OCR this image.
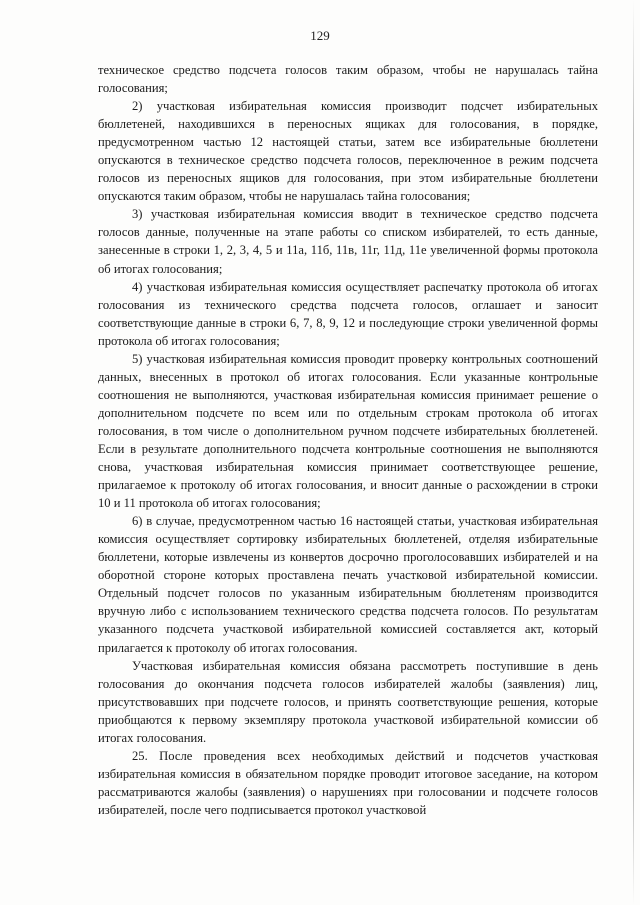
129

техническое средство подсчета голосов таким образом, чтобы не нарушалась тайна голосования;

2) участковая избирательная комиссия производит подсчет избирательных бюллетеней, находившихся в переносных ящиках для голосования, в порядке, предусмотренном частью 12 настоящей статьи, затем все избирательные бюллетени опускаются в техническое средство подсчета голосов, переключенное в режим подсчета голосов из переносных ящиков для голосования, при этом избирательные бюллетени опускаются таким образом, чтобы не нарушалась тайна голосования;

3) участковая избирательная комиссия вводит в техническое средство подсчета голосов данные, полученные на этапе работы со списком избирателей, то есть данные, занесенные в строки 1, 2, 3, 4, 5 и 11а, 11б, 11в, 11г, 11д, 11е увеличенной формы протокола об итогах голосования;

4) участковая избирательная комиссия осуществляет распечатку протокола об итогах голосования из технического средства подсчета голосов, оглашает и заносит соответствующие данные в строки 6, 7, 8, 9, 12 и последующие строки увеличенной формы протокола об итогах голосования;

5) участковая избирательная комиссия проводит проверку контрольных соотношений данных, внесенных в протокол об итогах голосования. Если указанные контрольные соотношения не выполняются, участковая избирательная комиссия принимает решение о дополнительном подсчете по всем или по отдельным строкам протокола об итогах голосования, в том числе о дополнительном ручном подсчете избирательных бюллетеней. Если в результате дополнительного подсчета контрольные соотношения не выполняются снова, участковая избирательная комиссия принимает соответствующее решение, прилагаемое к протоколу об итогах голосования, и вносит данные о расхождении в строки 10 и 11 протокола об итогах голосования;

6) в случае, предусмотренном частью 16 настоящей статьи, участковая избирательная комиссия осуществляет сортировку избирательных бюллетеней, отделяя избирательные бюллетени, которые извлечены из конвертов досрочно проголосовавших избирателей и на оборотной стороне которых проставлена печать участковой избирательной комиссии. Отдельный подсчет голосов по указанным избирательным бюллетеням производится вручную либо с использованием технического средства подсчета голосов. По результатам указанного подсчета участковой избирательной комиссией составляется акт, который прилагается к протоколу об итогах голосования.

Участковая избирательная комиссия обязана рассмотреть поступившие в день голосования до окончания подсчета голосов избирателей жалобы (заявления) лиц, присутствовавших при подсчете голосов, и принять соответствующие решения, которые приобщаются к первому экземпляру протокола участковой избирательной комиссии об итогах голосования.

25. После проведения всех необходимых действий и подсчетов участковая избирательная комиссия в обязательном порядке проводит итоговое заседание, на котором рассматриваются жалобы (заявления) о нарушениях при голосовании и подсчете голосов избирателей, после чего подписывается протокол участковой
